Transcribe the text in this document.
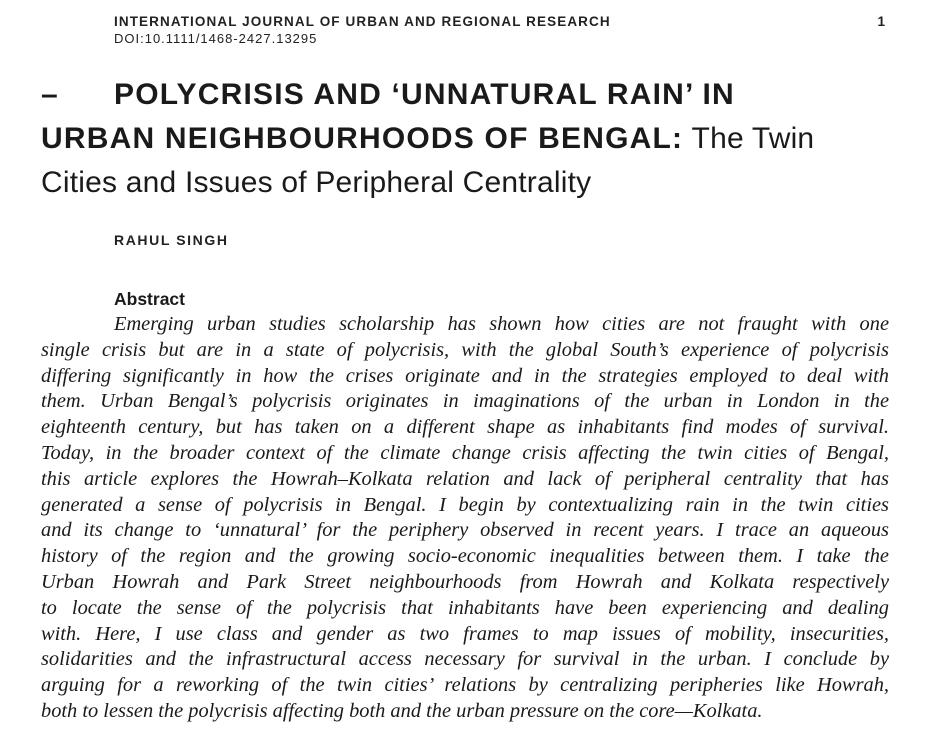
INTERNATIONAL JOURNAL OF URBAN AND REGIONAL RESEARCH
DOI:10.1111/1468-2427.13295
1
– POLYCRISIS AND ‘UNNATURAL RAIN’ IN
URBAN NEIGHBOURHOODS OF BENGAL: The Twin
Cities and Issues of Peripheral Centrality
RAHUL SINGH
Abstract
Emerging urban studies scholarship has shown how cities are not fraught with one
single crisis but are in a state of polycrisis, with the global South’s experience of polycrisis
differing significantly in how the crises originate and in the strategies employed to deal with
them. Urban Bengal’s polycrisis originates in imaginations of the urban in London in the
eighteenth century, but has taken on a different shape as inhabitants find modes of survival.
Today, in the broader context of the climate change crisis affecting the twin cities of Bengal,
this article explores the Howrah–Kolkata relation and lack of peripheral centrality that has
generated a sense of polycrisis in Bengal. I begin by contextualizing rain in the twin cities
and its change to ‘unnatural’ for the periphery observed in recent years. I trace an aqueous
history of the region and the growing socio-economic inequalities between them. I take the
Urban Howrah and Park Street neighbourhoods from Howrah and Kolkata respectively
to locate the sense of the polycrisis that inhabitants have been experiencing and dealing
with. Here, I use class and gender as two frames to map issues of mobility, insecurities,
solidarities and the infrastructural access necessary for survival in the urban. I conclude by
arguing for a reworking of the twin cities’ relations by centralizing peripheries like Howrah,
both to lessen the polycrisis affecting both and the urban pressure on the core—Kolkata.
